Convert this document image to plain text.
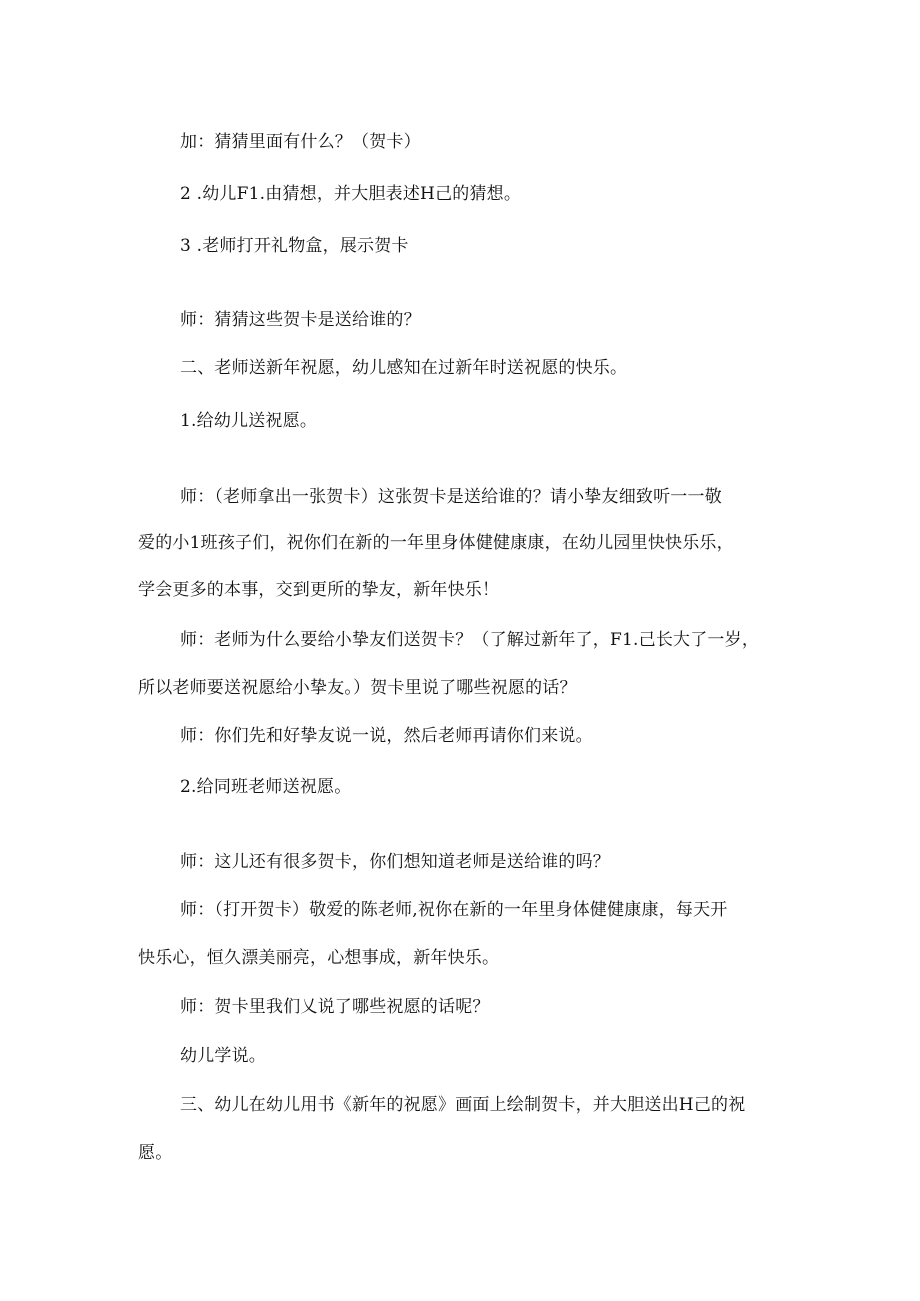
加：猜猜里面有什么？（贺卡）
2 .幼儿F1.由猜想，并大胆表述H己的猜想。
3 .老师打开礼物盒，展示贺卡
师：猜猜这些贺卡是送给谁的？
二、老师送新年祝愿，幼儿感知在过新年时送祝愿的快乐。
1.给幼儿送祝愿。
师：（老师拿出一张贺卡）这张贺卡是送给谁的？请小挚友细致听一一敬
爱的小1班孩子们，祝你们在新的一年里身体健健康康，在幼儿园里快快乐乐，
学会更多的本事，交到更所的挚友，新年快乐！
师：老师为什么要给小挚友们送贺卡？（了解过新年了，F1.己长大了一岁，
所以老师要送祝愿给小挚友。）贺卡里说了哪些祝愿的话？
师：你们先和好挚友说一说，然后老师再请你们来说。
2.给同班老师送祝愿。
师：这儿还有很多贺卡，你们想知道老师是送给谁的吗？
师：（打开贺卡）敬爱的陈老师,祝你在新的一年里身体健健康康，每天开
快乐心，恒久漂美丽亮，心想事成，新年快乐。
师：贺卡里我们乂说了哪些祝愿的话呢？
幼儿学说。
三、幼儿在幼儿用书《新年的祝愿》画面上绘制贺卡，并大胆送出H己的祝
愿。
